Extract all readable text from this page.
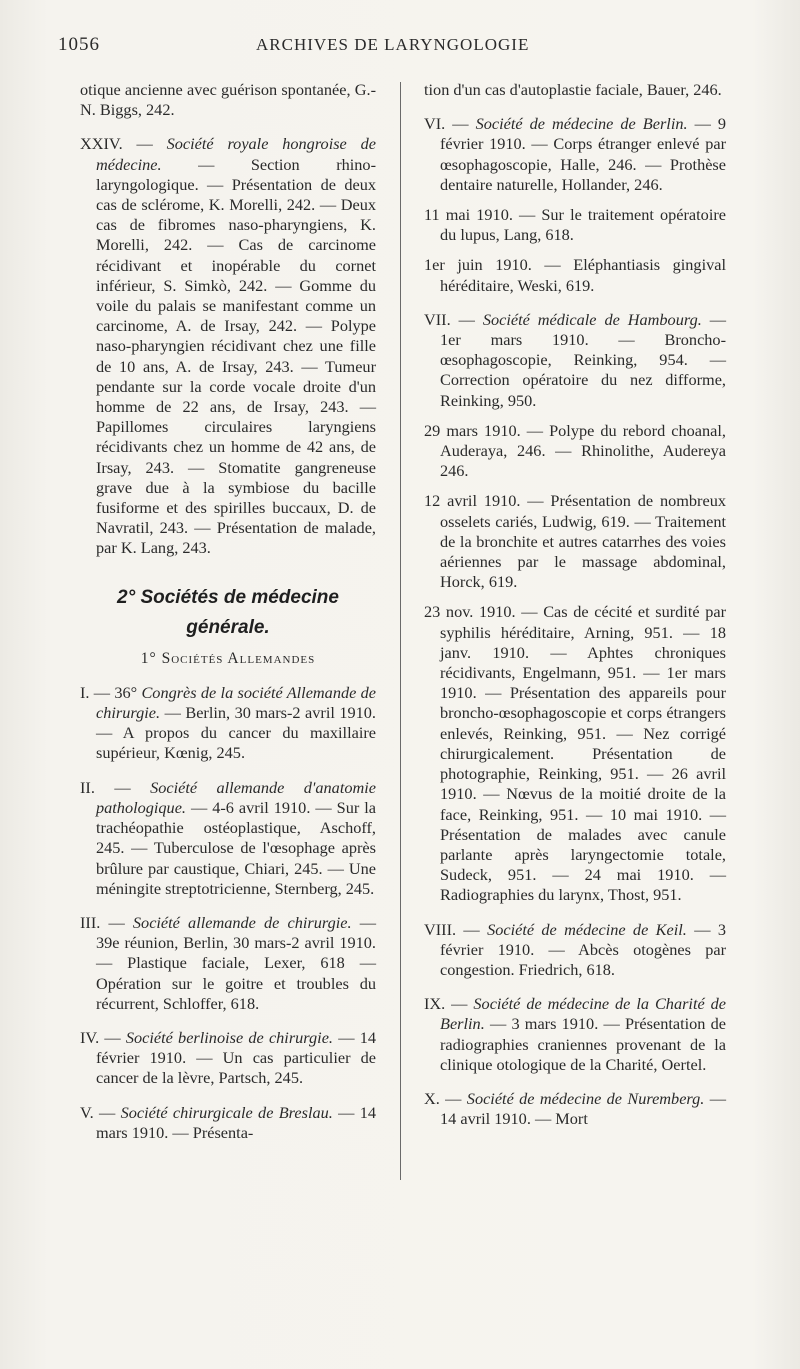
1056	ARCHIVES DE LARYNGOLOGIE

otique ancienne avec guérison spontanée, G.-N. Biggs, 242.

XXIV. — Société royale hongroise de médecine. — Section rhino-laryngologique. — Présentation de deux cas de sclérome, K. Morelli, 242. — Deux cas de fibromes naso-pharyngiens, K. Morelli, 242. — Cas de carcinome récidivant et inopérable du cornet inférieur, S. Simkò, 242. — Gomme du voile du palais se manifestant comme un carcinome, A. de Irsay, 242. — Polype naso-pharyngien récidivant chez une fille de 10 ans, A. de Irsay, 243. — Tumeur pendante sur la corde vocale droite d'un homme de 22 ans, de Irsay, 243. — Papillomes circulaires laryngiens récidivants chez un homme de 42 ans, de Irsay, 243. — Stomatite gangreneuse grave due à la symbiose du bacille fusiforme et des spirilles buccaux, D. de Navratil, 243. — Présentation de malade, par K. Lang, 243.

2° Sociétés de médecine générale.
1° Sociétés Allemandes

I. — 36° Congrès de la société Allemande de chirurgie. — Berlin, 30 mars-2 avril 1910. — A propos du cancer du maxillaire supérieur, Kœnig, 245.

II. — Société allemande d'anatomie pathologique. — 4-6 avril 1910. — Sur la trachéopathie ostéoplastique, Aschoff, 245. — Tuberculose de l'œsophage après brûlure par caustique, Chiari, 245. — Une méningite streptotricienne, Sternberg, 245.

III. — Société allemande de chirurgie. — 39e réunion, Berlin, 30 mars-2 avril 1910. — Plastique faciale, Lexer, 618 — Opération sur le goitre et troubles du récurrent, Schloffer, 618.

IV. — Société berlinoise de chirurgie. — 14 février 1910. — Un cas particulier de cancer de la lèvre, Partsch, 245.

V. — Société chirurgicale de Breslau. — 14 mars 1910. — Présenta-

tion d'un cas d'autoplastie faciale, Bauer, 246.

VI. — Société de médecine de Berlin. — 9 février 1910. — Corps étranger enlevé par œsophagoscopie, Halle, 246. — Prothèse dentaire naturelle, Hollander, 246.

11 mai 1910. — Sur le traitement opératoire du lupus, Lang, 618.

1er juin 1910. — Eléphantiasis gingival héréditaire, Weski, 619.

VII. — Société médicale de Hambourg. — 1er mars 1910. — Broncho-œsophagoscopie, Reinking, 954. — Correction opératoire du nez difforme, Reinking, 950.

29 mars 1910. — Polype du rebord choanal, Auderaya, 246. — Rhinolithe, Audereya 246.

12 avril 1910. — Présentation de nombreux osselets cariés, Ludwig, 619. — Traitement de la bronchite et autres catarrhes des voies aériennes par le massage abdominal, Horck, 619.

23 nov. 1910. — Cas de cécité et surdité par syphilis héréditaire, Arning, 951. — 18 janv. 1910. — Aphtes chroniques récidivants, Engelmann, 951. — 1er mars 1910. — Présentation des appareils pour broncho-œsophagoscopie et corps étrangers enlevés, Reinking, 951. — Nez corrigé chirurgicalement. Présentation de photographie, Reinking, 951. — 26 avril 1910. — Nœvus de la moitié droite de la face, Reinking, 951. — 10 mai 1910. — Présentation de malades avec canule parlante après laryngectomie totale, Sudeck, 951. — 24 mai 1910. — Radiographies du larynx, Thost, 951.

VIII. — Société de médecine de Keil. — 3 février 1910. — Abcès otogènes par congestion. Friedrich, 618.

IX. — Société de médecine de la Charité de Berlin. — 3 mars 1910. — Présentation de radiographies craniennes provenant de la clinique otologique de la Charité, Oertel.

X. — Société de médecine de Nuremberg. — 14 avril 1910. — Mort
